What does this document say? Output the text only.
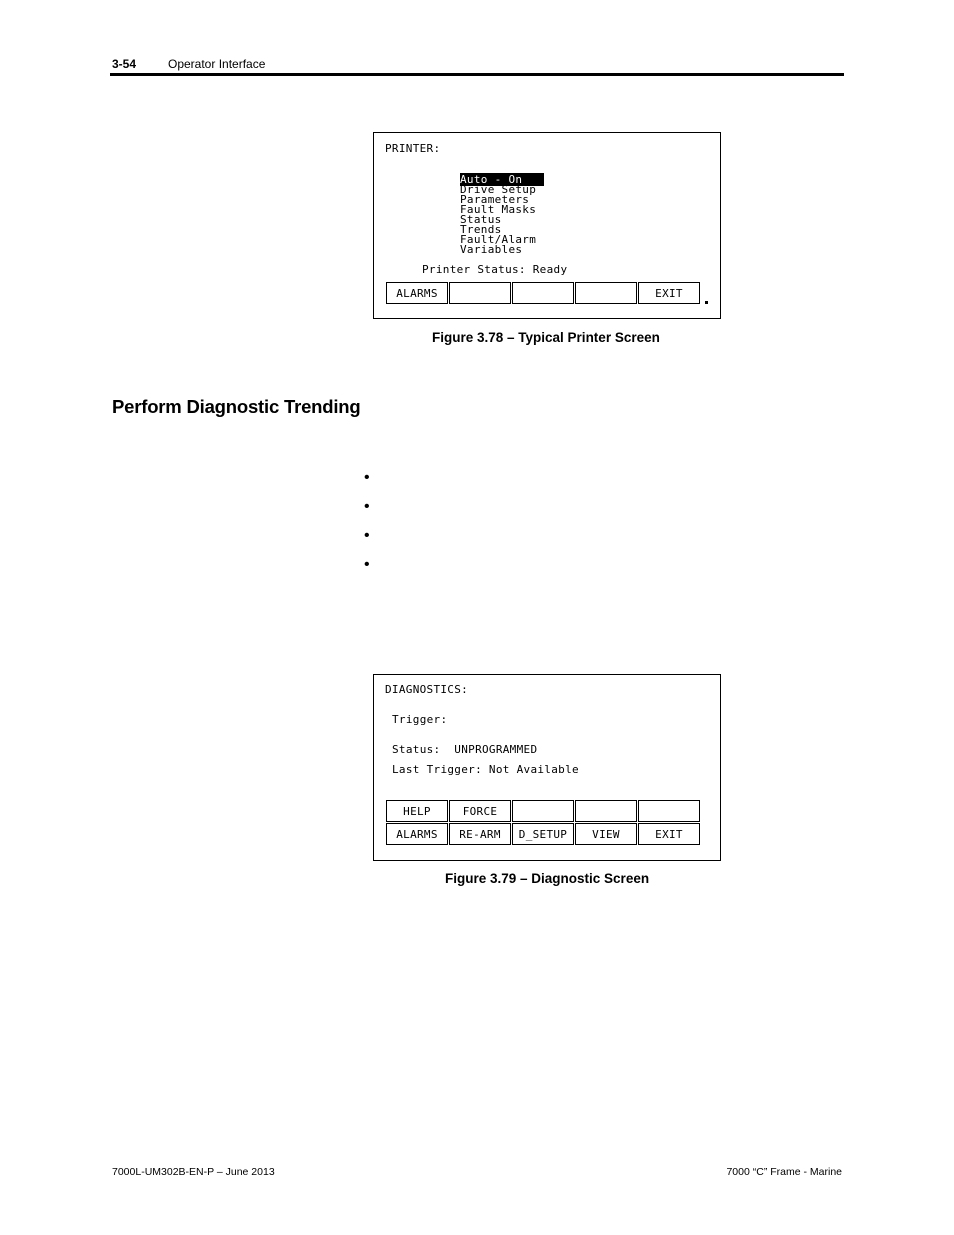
3-54	Operator Interface
PRINTER:
Auto - On
Drive Setup
Parameters
Fault Masks
Status
Trends
Fault/Alarm
Variables
Printer Status: Ready
ALARMS	EXIT
Figure 3.78 – Typical Printer Screen
Perform Diagnostic Trending
•
•
•
•
DIAGNOSTICS:
Trigger:
Status:  UNPROGRAMMED
Last Trigger: Not Available
HELP	FORCE
ALARMS	RE-ARM	D_SETUP	VIEW	EXIT
Figure 3.79 – Diagnostic Screen
7000L-UM302B-EN-P – June 2013	7000 “C” Frame - Marine
